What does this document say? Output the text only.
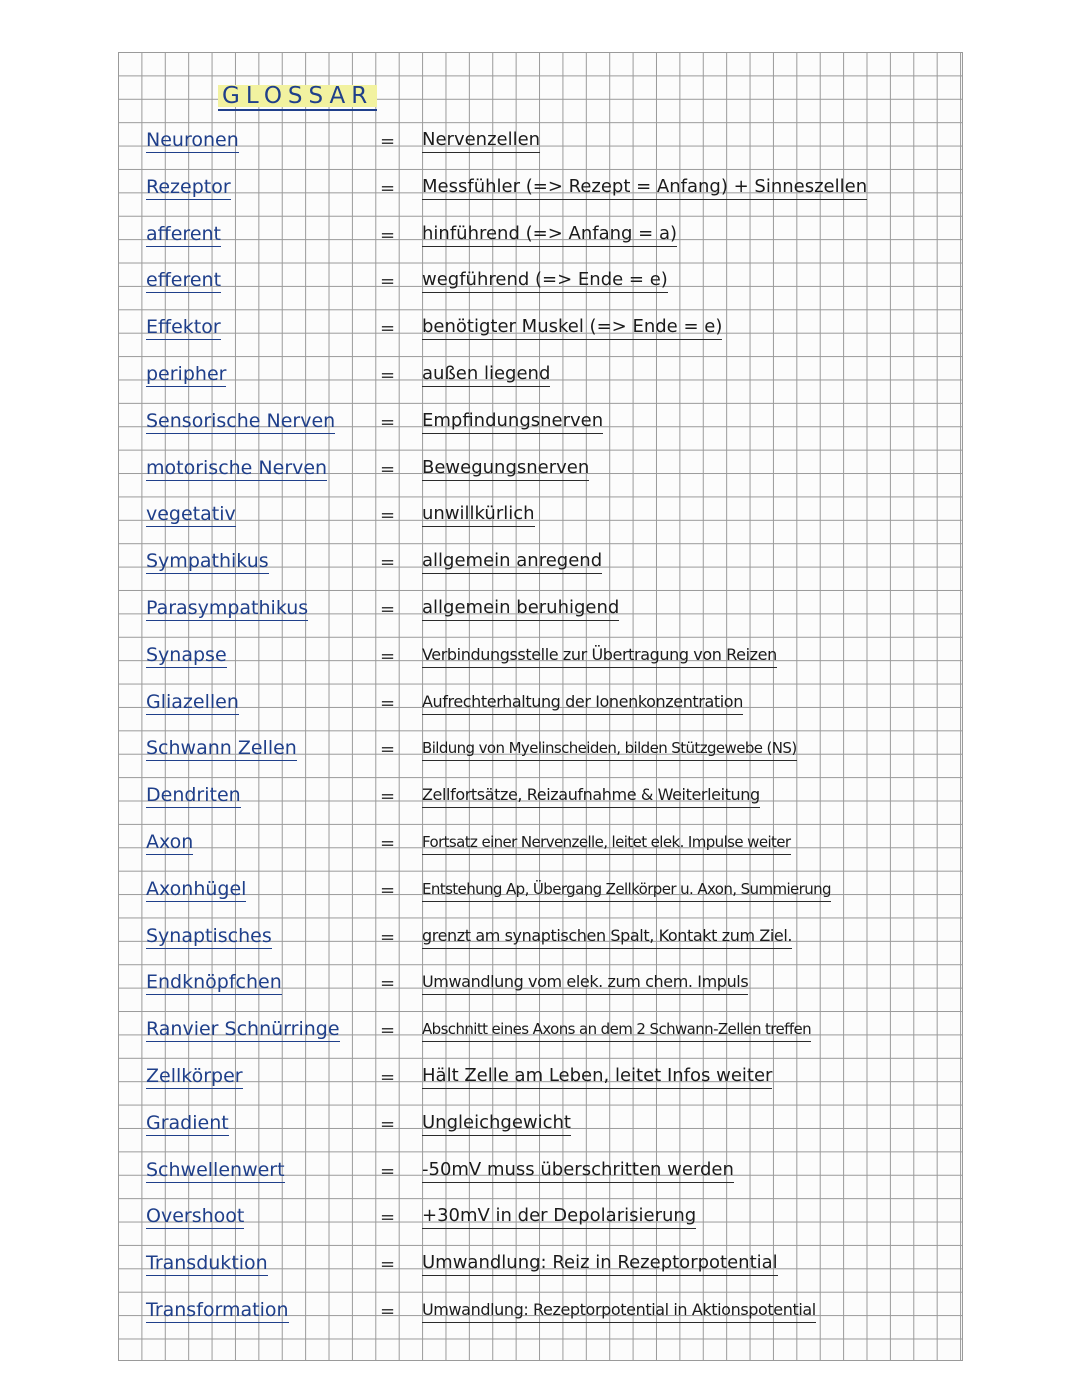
GLOSSAR
Neuronen	= Nervenzellen
Rezeptor	= Messfühler (=> Rezept = Anfang) + Sinneszellen
afferent	= hinführend (=> Anfang = a)
efferent	= wegführend (=> Ende = e)
Effektor	= benötigter Muskel (=> Ende = e)
peripher	= außen liegend
Sensorische Nerven = Empfindungsnerven
motorische Nerven	= Bewegungsnerven
vegetativ	= unwillkürlich
Sympathikus	= allgemein anregend
Parasympathikus	= allgemein beruhigend
Synapse	= Verbindungsstelle zur Übertragung von Reizen
Gliazellen	= Aufrechterhaltung der Ionenkonzentration
Schwann Zellen	= Bildung von Myelinscheiden, bilden Stützgewebe (NS)
Dendriten	= Zellfortsätze, Reizaufnahme & Weiterleitung
Axon	= Fortsatz einer Nervenzelle, leitet elek. Impulse weiter
Axonhügel	= Entstehung Ap, Übergang Zellkörper u. Axon, Summierung
Synaptisches	= grenzt am synaptischen Spalt, Kontakt zum Ziel.
Endknöpfchen	= Umwandlung vom elek. zum chem. Impuls
Ranvier Schnürringe = Abschnitt eines Axons an dem 2 Schwann-Zellen treffen
Zellkörper	= Hält Zelle am Leben, leitet Infos weiter
Gradient	= Ungleichgewicht
Schwellenwert	= -50mV muss überschritten werden
Overshoot	= +30mV in der Depolarisierung
Transduktion	= Umwandlung: Reiz in Rezeptorpotential
Transformation	= Umwandlung: Rezeptorpotential in Aktionspotential
